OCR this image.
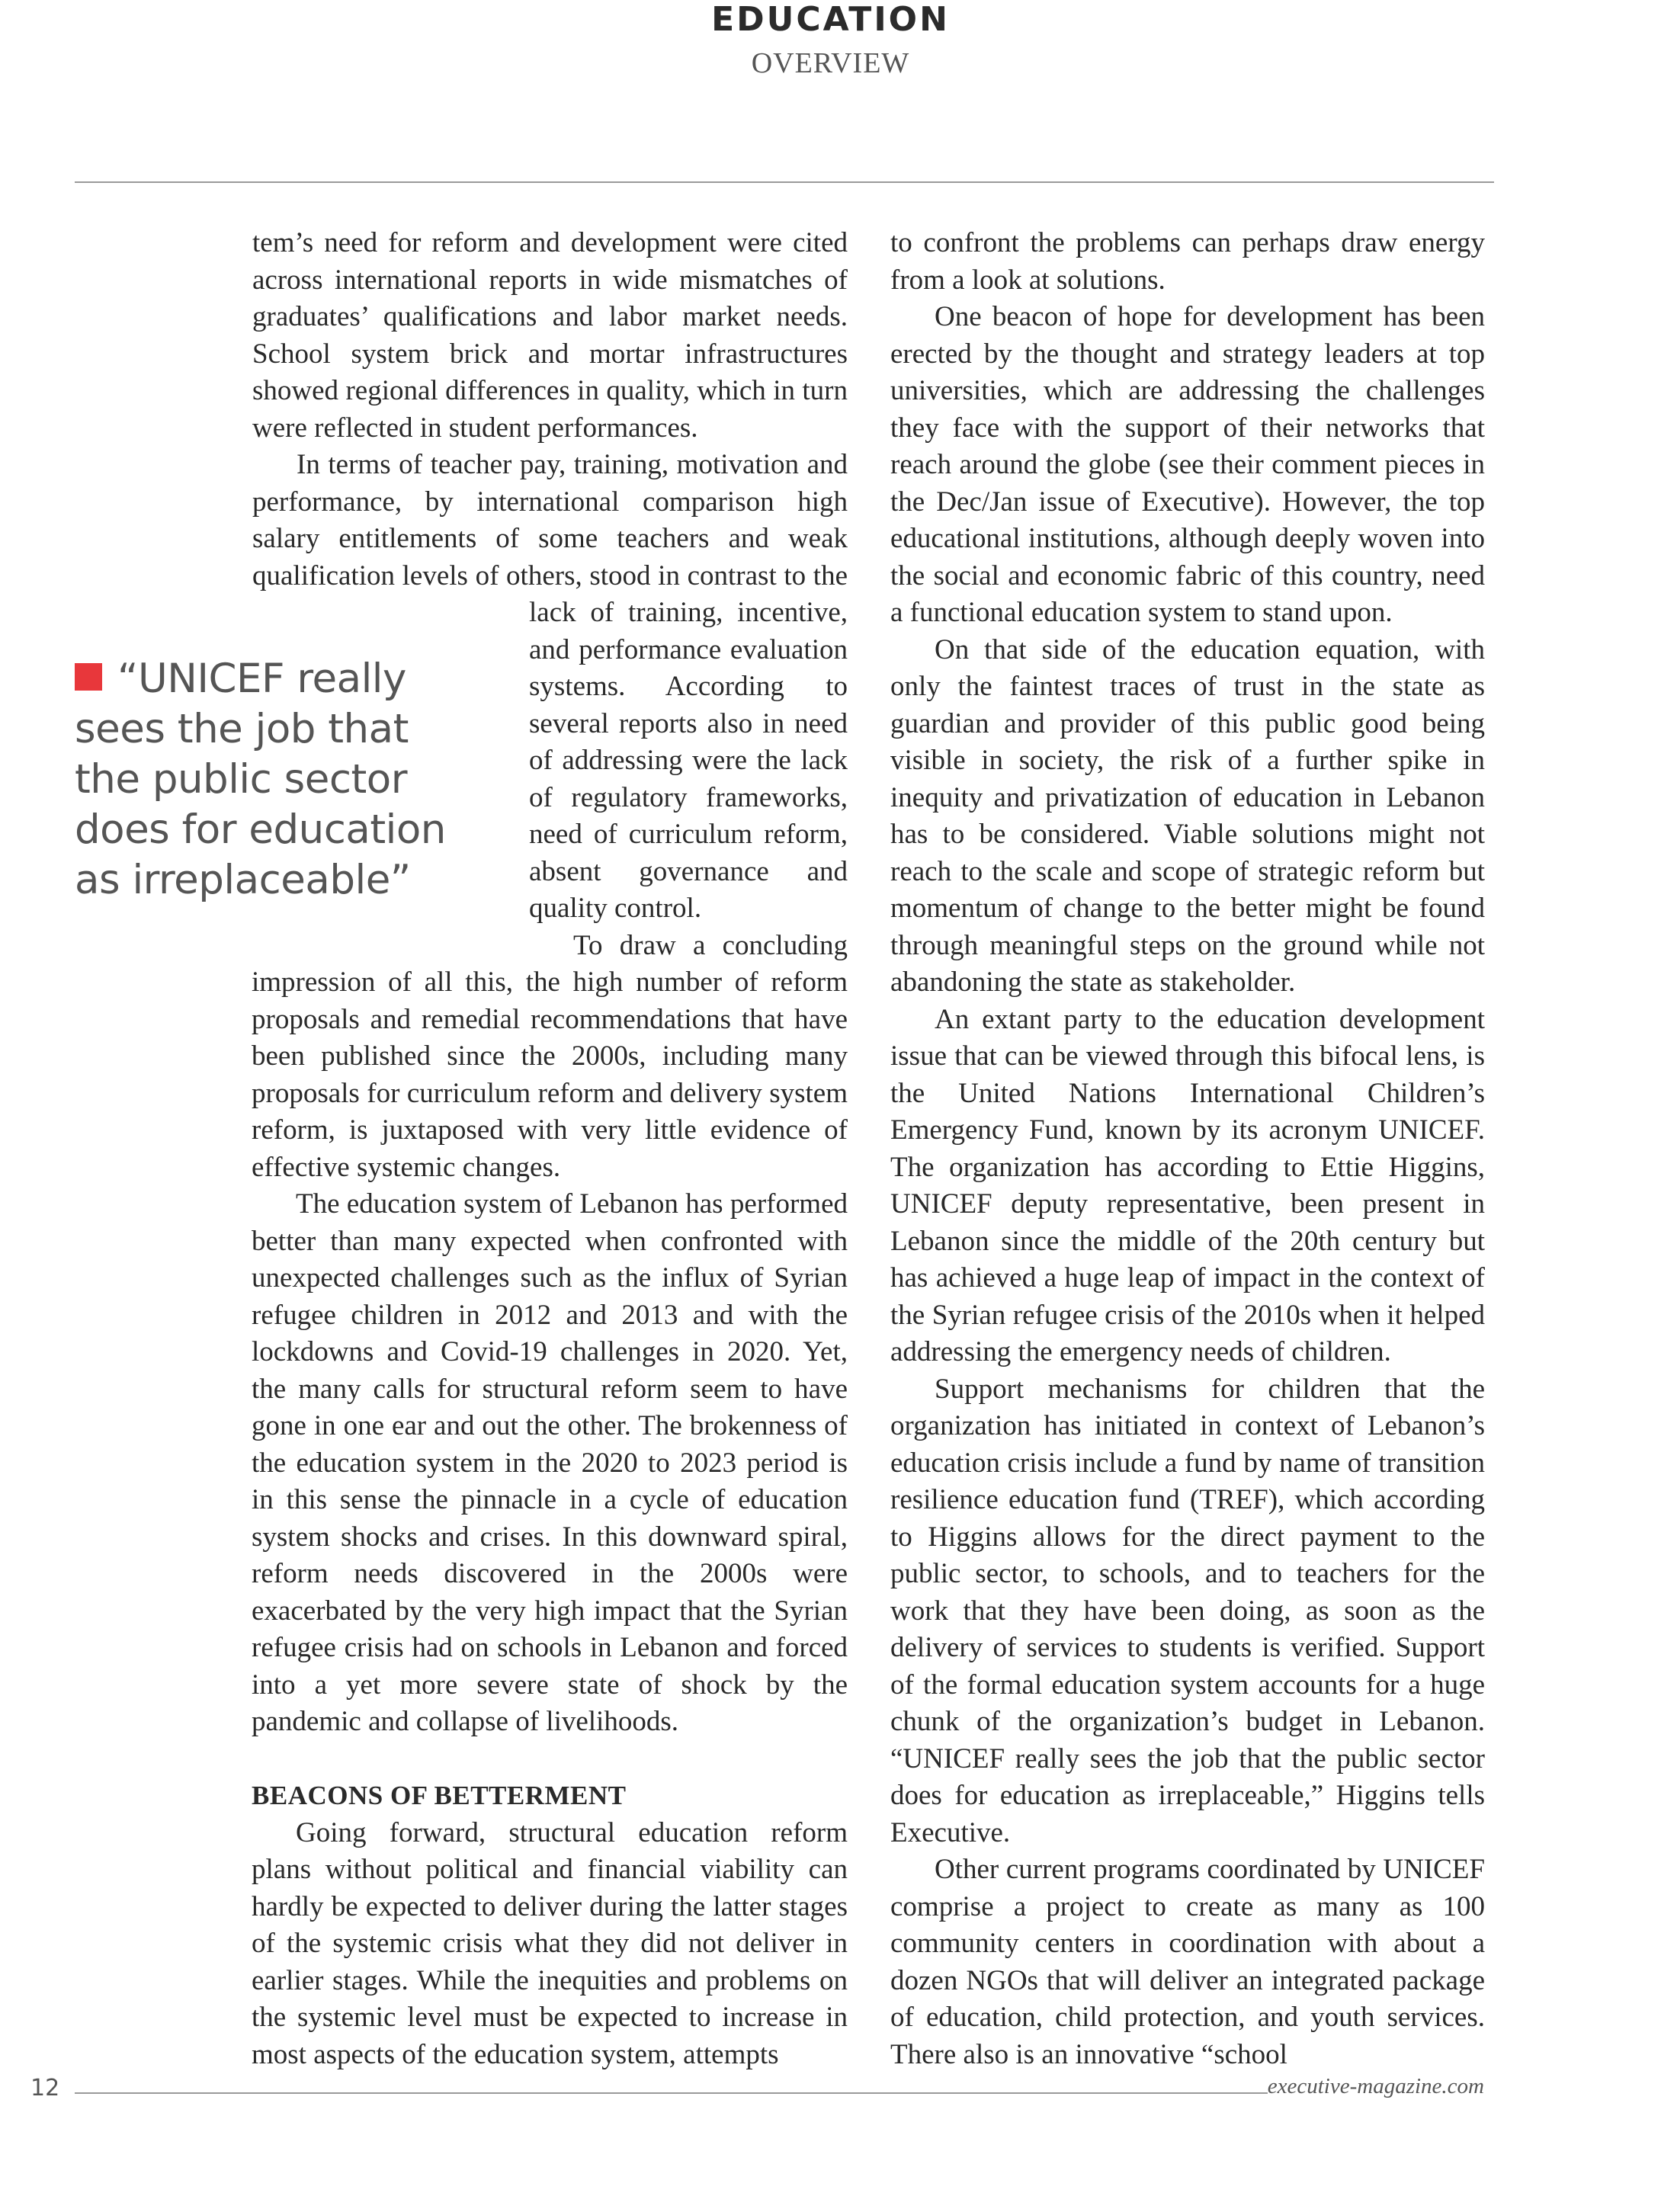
EDUCATION
OVERVIEW
“UNICEF really sees the job that the public sector does for education as irreplaceable”

tem’s need for reform and development were cited across international reports in wide mismatches of graduates’ qualifications and labor market needs. School system brick and mortar infrastructures showed regional differences in quality, which in turn were reflected in student performances.

In terms of teacher pay, training, motivation and performance, by international comparison high salary entitlements of some teachers and weak qualification levels of others, stood in contrast to the lack of training, incentive, and performance evaluation systems. According to several reports also in need of addressing were the lack of regulatory frameworks, need of curriculum reform, absent governance and quality control.

To draw a concluding impression of all this, the high number of reform proposals and remedial recommendations that have been published since the 2000s, including many proposals for curriculum reform and delivery system reform, is juxtaposed with very little evidence of effective systemic changes.

The education system of Lebanon has performed better than many expected when confronted with unexpected challenges such as the influx of Syrian refugee children in 2012 and 2013 and with the lockdowns and Covid-19 challenges in 2020. Yet, the many calls for structural reform seem to have gone in one ear and out the other. The brokenness of the education system in the 2020 to 2023 period is in this sense the pinnacle in a cycle of education system shocks and crises. In this downward spiral, reform needs discovered in the 2000s were exacerbated by the very high impact that the Syrian refugee crisis had on schools in Lebanon and forced into a yet more severe state of shock by the pandemic and collapse of livelihoods.

BEACONS OF BETTERMENT

Going forward, structural education reform plans without political and financial viability can hardly be expected to deliver during the latter stages of the systemic crisis what they did not deliver in earlier stages. While the inequities and problems on the systemic level must be expected to increase in most aspects of the education system, attempts

to confront the problems can perhaps draw energy from a look at solutions.

One beacon of hope for development has been erected by the thought and strategy leaders at top universities, which are addressing the challenges they face with the support of their networks that reach around the globe (see their comment pieces in the Dec/Jan issue of Executive). However, the top educational institutions, although deeply woven into the social and economic fabric of this country, need a functional education system to stand upon.

On that side of the education equation, with only the faintest traces of trust in the state as guardian and provider of this public good being visible in society, the risk of a further spike in inequity and privatization of education in Lebanon has to be considered. Viable solutions might not reach to the scale and scope of strategic reform but momentum of change to the better might be found through meaningful steps on the ground while not abandoning the state as stakeholder.

An extant party to the education development issue that can be viewed through this bifocal lens, is the United Nations International Children’s Emergency Fund, known by its acronym UNICEF. The organization has according to Ettie Higgins, UNICEF deputy representative, been present in Lebanon since the middle of the 20th century but has achieved a huge leap of impact in the context of the Syrian refugee crisis of the 2010s when it helped addressing the emergency needs of children.

Support mechanisms for children that the organization has initiated in context of Lebanon’s education crisis include a fund by name of transition resilience education fund (TREF), which according to Higgins allows for the direct payment to the public sector, to schools, and to teachers for the work that they have been doing, as soon as the delivery of services to students is verified. Support of the formal education system accounts for a huge chunk of the organization’s budget in Lebanon. “UNICEF really sees the job that the public sector does for education as irreplaceable,” Higgins tells Executive.

Other current programs coordinated by UNICEF comprise a project to create as many as 100 community centers in coordination with about a dozen NGOs that will deliver an integrated package of education, child protection, and youth services. There also is an innovative “school

12	executive-magazine.com
